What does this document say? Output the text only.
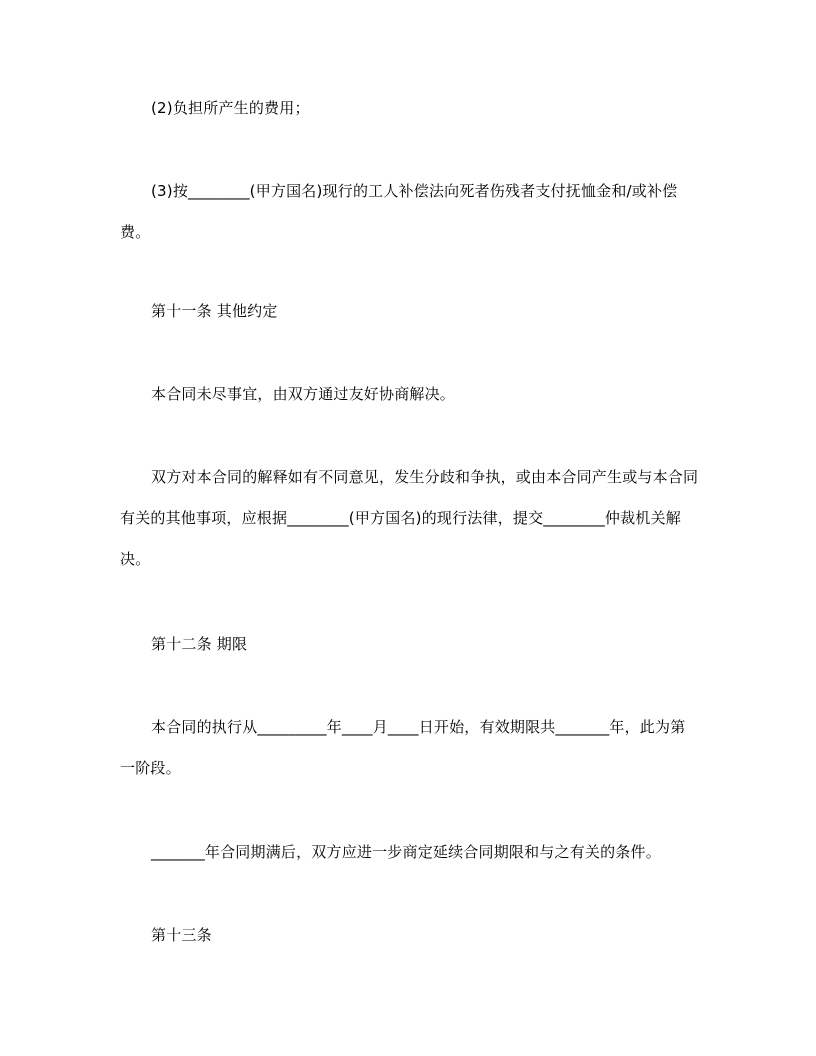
(2)负担所产生的费用；

(3)按________(甲方国名)现行的工人补偿法向死者伤残者支付抚恤金和/或补偿费。

第十一条 其他约定

本合同未尽事宜，由双方通过友好协商解决。

双方对本合同的解释如有不同意见，发生分歧和争执，或由本合同产生或与本合同有关的其他事项，应根据________(甲方国名)的现行法律，提交________仲裁机关解决。

第十二条 期限

本合同的执行从_________年____月____日开始，有效期限共_______年，此为第一阶段。

_______年合同期满后，双方应进一步商定延续合同期限和与之有关的条件。

第十三条
